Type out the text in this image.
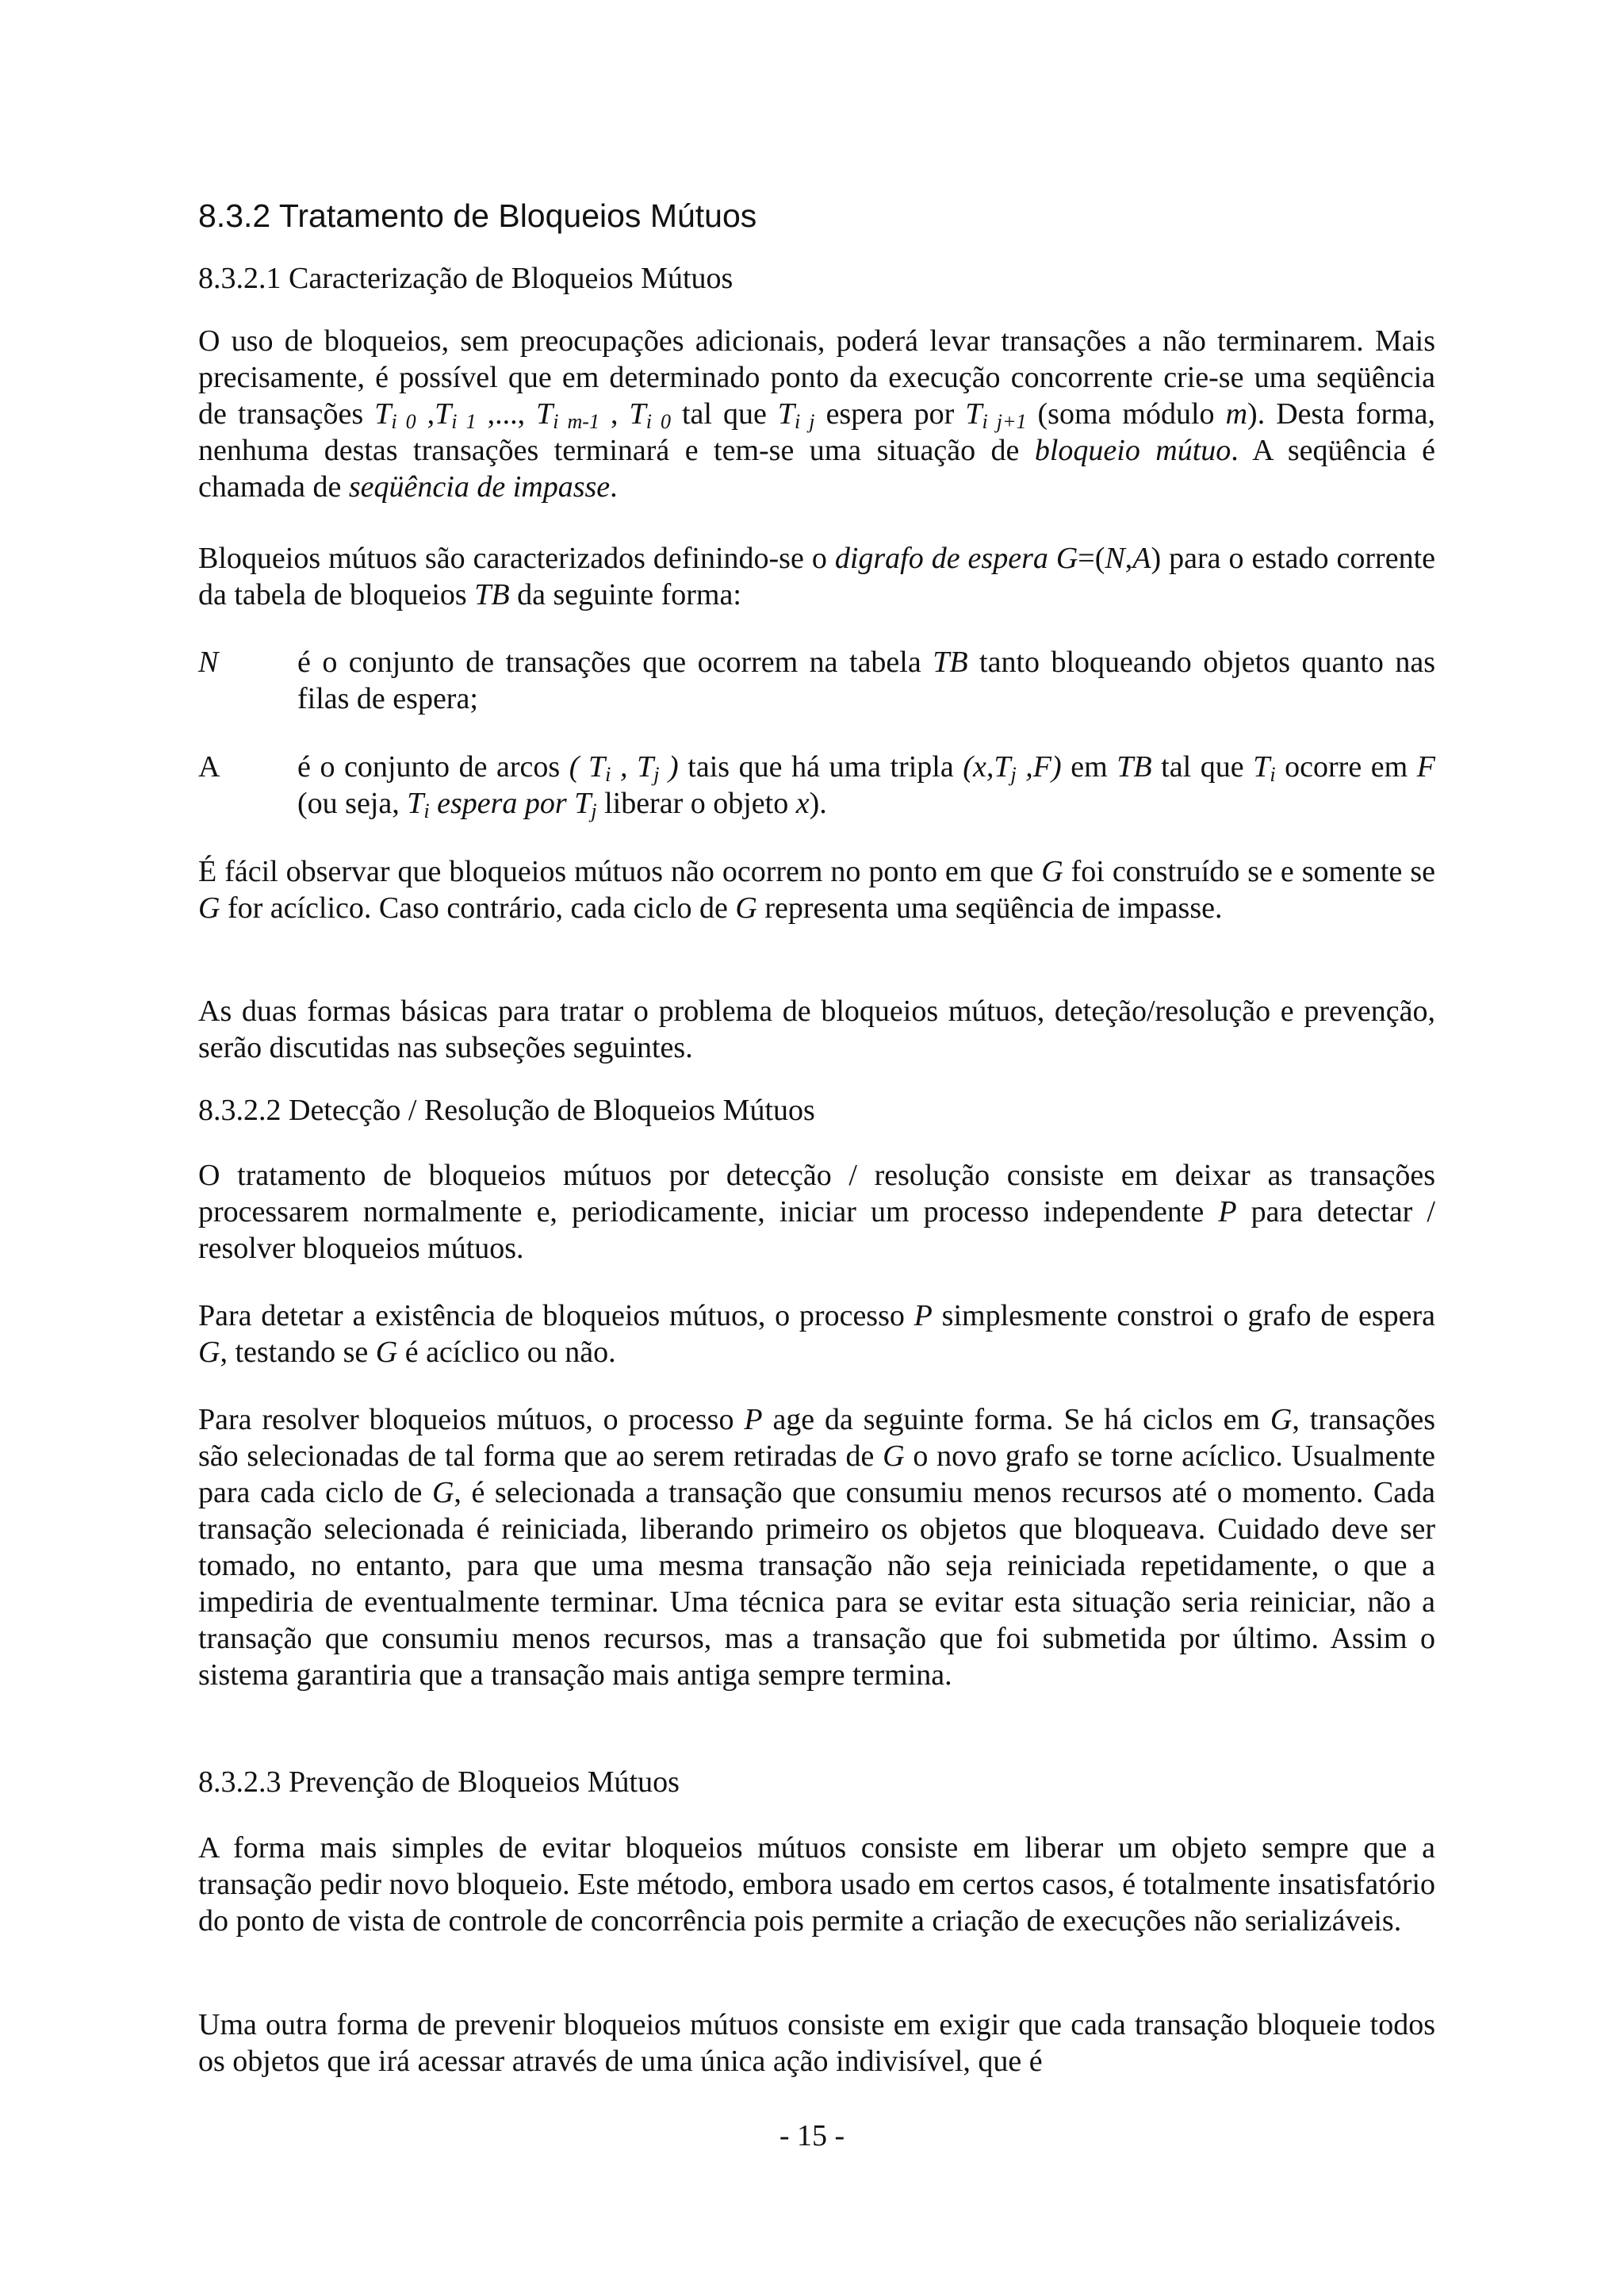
8.3.2 Tratamento de Bloqueios Mútuos
8.3.2.1 Caracterização de Bloqueios Mútuos

O uso de bloqueios, sem preocupações adicionais, poderá levar transações a não terminarem. Mais precisamente, é possível que em determinado ponto da execução concorrente crie-se uma seqüência de transações $T_{i 0}$ $,T_{i 1}$ ,..., $T_{i m-1}$ , $T_{i 0}$ tal que $T_{i j}$ espera por $T_{i j+1}$ (soma módulo m). Desta forma, nenhuma destas transações terminará e tem-se uma situação de bloqueio mútuo. A seqüência é chamada de seqüência de impasse.

Bloqueios mútuos são caracterizados definindo-se o digrafo de espera G=(N,A) para o estado corrente da tabela de bloqueios TB da seguinte forma:

N	é o conjunto de transações que ocorrem na tabela TB tanto bloqueando objetos quanto nas filas de espera;
A	é o conjunto de arcos ( $T_i$ , $T_j$ ) tais que há uma tripla ($x,T_j$ ,F) em TB tal que $T_i$ ocorre em F (ou seja, $T_i$ espera por $T_j$ liberar o objeto x).

É fácil observar que bloqueios mútuos não ocorrem no ponto em que G foi construído se e somente se G for acíclico. Caso contrário, cada ciclo de G representa uma seqüência de impasse.

As duas formas básicas para tratar o problema de bloqueios mútuos, deteção/resolução e prevenção, serão discutidas nas subseções seguintes.

8.3.2.2 Detecção / Resolução de Bloqueios Mútuos

O tratamento de bloqueios mútuos por detecção / resolução consiste em deixar as transações processarem normalmente e, periodicamente, iniciar um processo independente P para detectar / resolver bloqueios mútuos.

Para detetar a existência de bloqueios mútuos, o processo P simplesmente constroi o grafo de espera G, testando se G é acíclico ou não.

Para resolver bloqueios mútuos, o processo P age da seguinte forma. Se há ciclos em G, transações são selecionadas de tal forma que ao serem retiradas de G o novo grafo se torne acíclico. Usualmente para cada ciclo de G, é selecionada a transação que consumiu menos recursos até o momento. Cada transação selecionada é reiniciada, liberando primeiro os objetos que bloqueava. Cuidado deve ser tomado, no entanto, para que uma mesma transação não seja reiniciada repetidamente, o que a impediria de eventualmente terminar. Uma técnica para se evitar esta situação seria reiniciar, não a transação que consumiu menos recursos, mas a transação que foi submetida por último. Assim o sistema garantiria que a transação mais antiga sempre termina.

8.3.2.3 Prevenção de Bloqueios Mútuos

A forma mais simples de evitar bloqueios mútuos consiste em liberar um objeto sempre que a transação pedir novo bloqueio. Este método, embora usado em certos casos, é totalmente insatisfatório do ponto de vista de controle de concorrência pois permite a criação de execuções não serializáveis.

Uma outra forma de prevenir bloqueios mútuos consiste em exigir que cada transação bloqueie todos os objetos que irá acessar através de uma única ação indivisível, que é

- 15 -
